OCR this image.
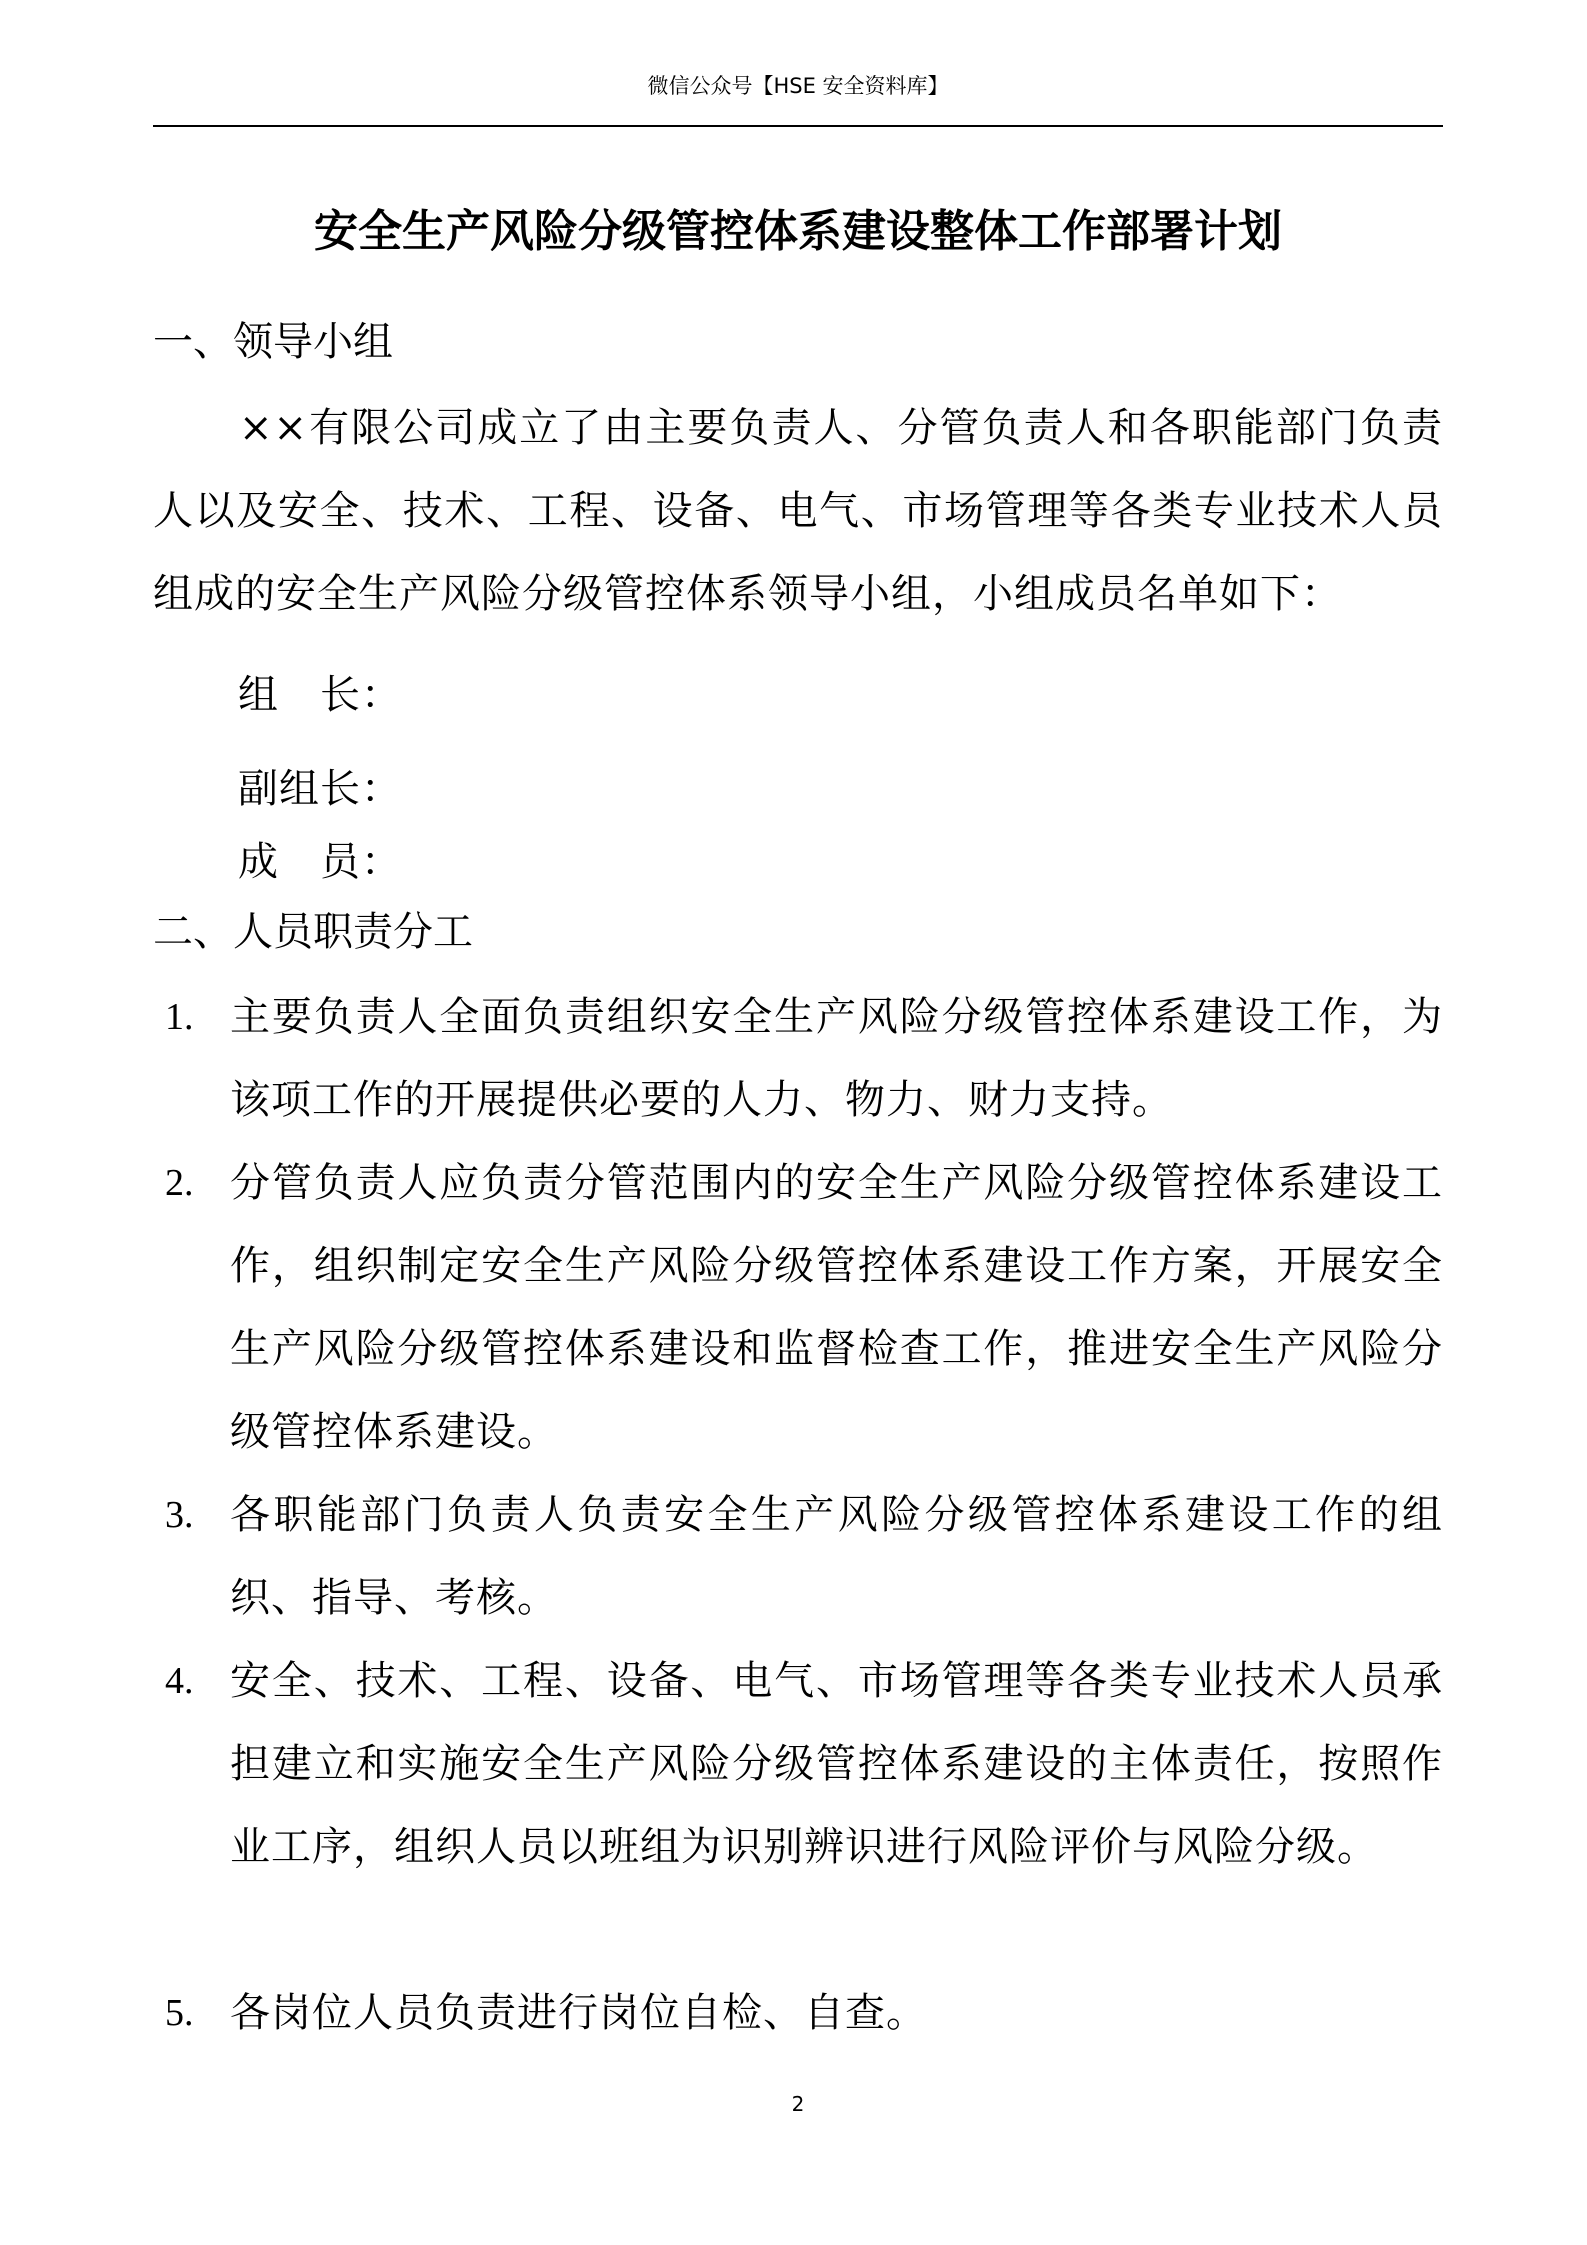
微信公众号【HSE 安全资料库】
安全生产风险分级管控体系建设整体工作部署计划
一、领导小组
××有限公司成立了由主要负责人、分管负责人和各职能部门负责人以及安全、技术、工程、设备、电气、市场管理等各类专业技术人员组成的安全生产风险分级管控体系领导小组，小组成员名单如下：
组　长：
副组长：
成　员：
二、人员职责分工
1. 主要负责人全面负责组织安全生产风险分级管控体系建设工作，为该项工作的开展提供必要的人力、物力、财力支持。
2. 分管负责人应负责分管范围内的安全生产风险分级管控体系建设工作，组织制定安全生产风险分级管控体系建设工作方案，开展安全生产风险分级管控体系建设和监督检查工作，推进安全生产风险分级管控体系建设。
3. 各职能部门负责人负责安全生产风险分级管控体系建设工作的组织、指导、考核。
4. 安全、技术、工程、设备、电气、市场管理等各类专业技术人员承担建立和实施安全生产风险分级管控体系建设的主体责任，按照作业工序，组织人员以班组为识别辨识进行风险评价与风险分级。
5. 各岗位人员负责进行岗位自检、自查。
2
